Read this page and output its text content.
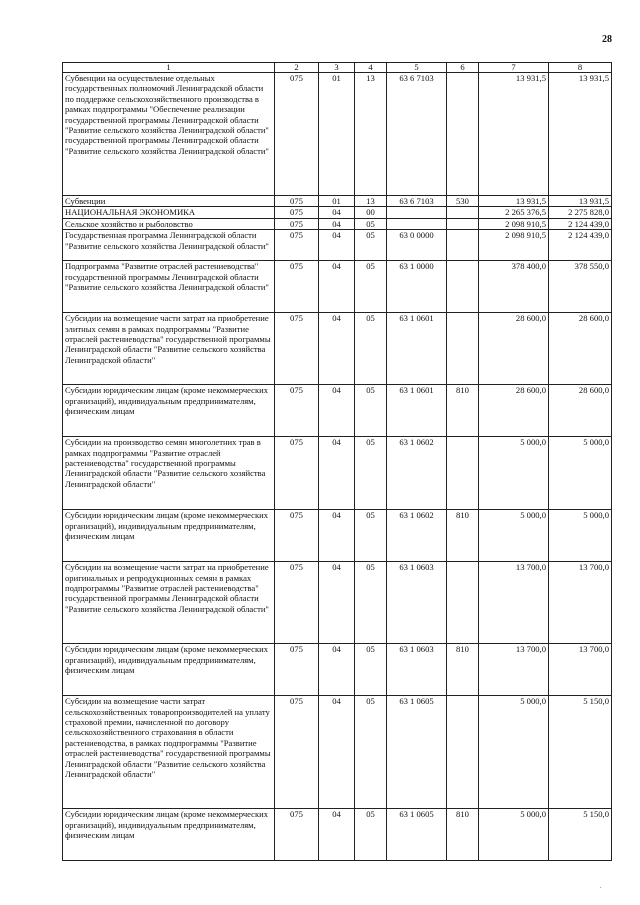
28
1	2	3	4	5	6	7	8
Субвенции на осуществление отдельных государственных полномочий Ленинградской области по поддержке сельскохозяйственного производства в рамках подпрограммы "Обеспечение реализации государственной программы Ленинградской области "Развитие сельского хозяйства Ленинградской области" государственной программы Ленинградской области "Развитие сельского хозяйства Ленинградской области"	075	01	13	63 6 7103		13 931,5	13 931,5
Субвенции	075	01	13	63 6 7103	530	13 931,5	13 931,5
НАЦИОНАЛЬНАЯ ЭКОНОМИКА	075	04	00			2 265 376,5	2 275 828,0
Сельское хозяйство и рыболовство	075	04	05			2 098 910,5	2 124 439,0
Государственная программа Ленинградской области "Развитие сельского хозяйства Ленинградской области"	075	04	05	63 0 0000		2 098 910,5	2 124 439,0
Подпрограмма "Развитие отраслей растениеводства" государственной программы Ленинградской области "Развитие сельского хозяйства Ленинградской области"	075	04	05	63 1 0000		378 400,0	378 550,0
Субсидии на возмещение части затрат на приобретение элитных семян в рамках подпрограммы "Развитие отраслей растениеводства" государственной программы Ленинградской области "Развитие сельского хозяйства Ленинградской области"	075	04	05	63 1 0601		28 600,0	28 600,0
Субсидии юридическим лицам (кроме некоммерческих организаций), индивидуальным предпринимателям, физическим лицам	075	04	05	63 1 0601	810	28 600,0	28 600,0
Субсидии на производство семян многолетних трав в рамках подпрограммы "Развитие отраслей растениеводства" государственной программы Ленинградской области "Развитие сельского хозяйства Ленинградской области"	075	04	05	63 1 0602		5 000,0	5 000,0
Субсидии юридическим лицам (кроме некоммерческих организаций), индивидуальным предпринимателям, физическим лицам	075	04	05	63 1 0602	810	5 000,0	5 000,0
Субсидии на возмещение части затрат на приобретение оригинальных и репродукционных семян в рамках подпрограммы "Развитие отраслей растениеводства" государственной программы Ленинградской области "Развитие сельского хозяйства Ленинградской области"	075	04	05	63 1 0603		13 700,0	13 700,0
Субсидии юридическим лицам (кроме некоммерческих организаций), индивидуальным предпринимателям, физическим лицам	075	04	05	63 1 0603	810	13 700,0	13 700,0
Субсидии на возмещение части затрат сельскохозяйственных товаропроизводителей на уплату страховой премии, начисленной по договору сельскохозяйственного страхования в области растениеводства, в рамках подпрограммы "Развитие отраслей растениеводства" государственной программы Ленинградской области "Развитие сельского хозяйства Ленинградской области"	075	04	05	63 1 0605		5 000,0	5 150,0
Субсидии юридическим лицам (кроме некоммерческих организаций), индивидуальным предпринимателям, физическим лицам	075	04	05	63 1 0605	810	5 000,0	5 150,0
.
